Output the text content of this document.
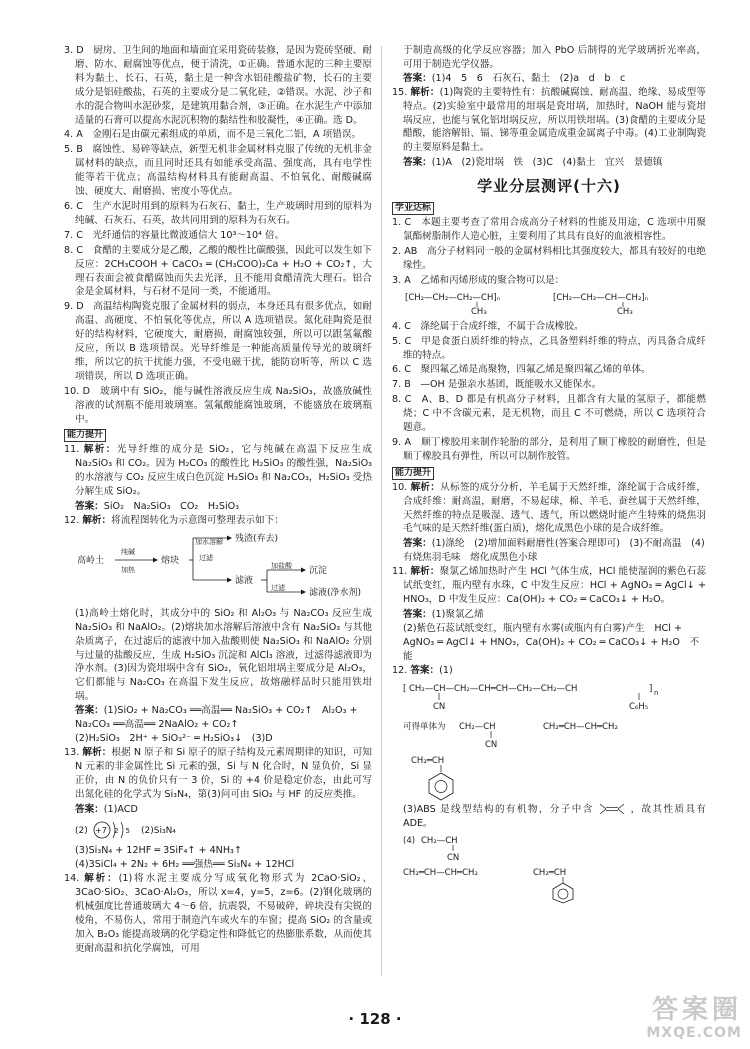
3. D　厨房、卫生间的地面和墙面宜采用瓷砖装修，是因为瓷砖坚硬、耐磨、防水、耐腐蚀等优点，便于清洗，①正确。普通水泥的三种主要原料为黏土、长石、石英，黏土是一种含水铝硅酸盐矿物，长石的主要成分是铝硅酸盐，石英的主要成分是二氧化硅，②错误。水泥、沙子和水的混合物叫水泥砂浆，是建筑用黏合剂，③正确。在水泥生产中添加适量的石膏可以提高水泥沉积物的黏结性和胶凝性，④正确。选 D。
4. A　金刚石是由碳元素组成的单质，而不是三氧化二铝，A 项错误。
5. B　腐蚀性、易碎等缺点，新型无机非金属材料克服了传统的无机非金属材料的缺点，而且同时还具有如能承受高温、强度高，具有电学性能等若干优点；高温结构材料具有能耐高温、不怕氧化、耐酸碱腐蚀、硬度大、耐磨损、密度小等优点。
6. C　生产水泥时用到的原料为石灰石、黏土，生产玻璃时用到的原料为纯碱、石灰石、石英，故共同用到的原料为石灰石。
7. C　光纤通信的容量比微波通信大 10³～10⁴ 倍。
8. C　食醋的主要成分是乙酸，乙酸的酸性比碳酸强，因此可以发生如下反应：2CH₃COOH + CaCO₃ ═ (CH₃COO)₂Ca + H₂O + CO₂↑，大理石表面会被食醋腐蚀而失去光泽，且不能用食醋清洗大理石。铝合金是金属材料，与石材不是同一类，不能通用。
9. D　高温结构陶瓷克服了金属材料的弱点，本身还具有很多优点，如耐高温、高硬度、不怕氧化等优点，所以 A 选项错误。氮化硅陶瓷是很好的结构材料，它硬度大，耐磨损，耐腐蚀较强，所以可以跟氢氟酸反应，所以 B 选项错误。光导纤维是一种能高质量传导光的玻璃纤维，所以它的抗干扰能力强，不受电磁干扰，能防窃听等，所以 C 选项错误，所以 D 选项正确。
10. D　玻璃中有 SiO₂，能与碱性溶液反应生成 Na₂SiO₃，故盛放碱性溶液的试剂瓶不能用玻璃塞。氢氟酸能腐蚀玻璃，不能盛放在玻璃瓶中。
能力提升
11. 解析：光导纤维的成分是 SiO₂，它与纯碱在高温下反应生成 Na₂SiO₃ 和 CO₂。因为 H₂CO₃ 的酸性比 H₂SiO₃ 的酸性强，Na₂SiO₃ 的水溶液与 CO₂ 反应生成白色沉淀 H₂SiO₃ 和 Na₂CO₃，H₂SiO₃ 受热分解生成 SiO₂。
答案：SiO₂　Na₂SiO₃　CO₂　H₂SiO₃
12. 解析：将流程图转化为示意图可整理表示如下：
高岭土
纯碱
加热
熔块
加水溶解
过滤
残渣(弃去)
滤液
加盐酸
过滤
沉淀
滤液(净水剂)
(1)高岭土熔化时，其成分中的 SiO₂ 和 Al₂O₃ 与 Na₂CO₃ 反应生成 Na₂SiO₃ 和 NaAlO₂。(2)熔块加水溶解后溶液中含有 Na₂SiO₃ 与其他杂质离子，在过滤后的滤液中加入盐酸则使 Na₂SiO₃ 和 NaAlO₂ 分别与过量的盐酸反应，生成 H₂SiO₃ 沉淀和 AlCl₃ 溶液，过滤得滤液即为净水剂。(3)因为瓷坩埚中含有 SiO₂，氧化铝坩埚主要成分是 Al₂O₃，它们都能与 Na₂CO₃ 在高温下发生反应，故熔融样品时只能用铁坩埚。
答案：(1)SiO₂ + Na₂CO₃ ══高温══ Na₂SiO₃ + CO₂↑　Al₂O₃ + Na₂CO₃ ══高温══ 2NaAlO₂ + CO₂↑
(2)H₂SiO₃　2H⁺ + SiO₃²⁻ ═ H₂SiO₃↓　(3)D
13. 解析：根据 N 原子和 Si 原子的原子结构及元素周期律的知识，可知 N 元素的非金属性比 Si 元素的强，Si 与 N 化合时，N 显负价，Si 显正价，由 N 的负价只有一 3 价，Si 的 +4 价是稳定价态，由此可写出氮化硅的化学式为 Si₃N₄，第(3)问可由 SiO₂ 与 HF 的反应类推。
答案：(1)ACD
(2) +7 2　5 (2)Si₃N₄
(3)Si₃N₄ + 12HF ═ 3SiF₄↑ + 4NH₃↑
(4)3SiCl₄ + 2N₂ + 6H₂ ══强热══ Si₃N₄ + 12HCl
14. 解析：(1)将水泥主要成分写成氧化物形式为 2CaO·SiO₂、3CaO·SiO₂、3CaO·Al₂O₃，所以 x=4，y=5，z=6。(2)钢化玻璃的机械强度比普通玻璃大 4～6 倍，抗震裂，不易破碎，碎块没有尖锐的棱角，不易伤人，常用于制造汽车或火车的车窗；提高 SiO₂ 的含量或加入 B₂O₃ 能提高玻璃的化学稳定性和降低它的热膨胀系数，从而使其更耐高温和抗化学腐蚀，可用
于制造高级的化学反应容器；加入 PbO 后制得的光学玻璃折光率高，可用于制造光学仪器。
答案：(1)4　5　6　石灰石、黏土　(2)a　d　b　c
15. 解析：(1)陶瓷的主要特性有：抗酸碱腐蚀、耐高温、绝缘、易成型等特点。(2)实验室中最常用的坩埚是瓷坩埚，加热时，NaOH 能与瓷坩埚反应，也能与氧化铝坩埚反应，所以用铁坩埚。(3)食醋的主要成分是醋酸，能溶解铅、镉、锑等重金属造成重金属离子中毒。(4)工业制陶瓷的主要原料是黏土。
答案：(1)A　(2)瓷坩埚　铁　(3)C　(4)黏土　宜兴　景德镇
学业分层测评(十六)
学业达标
1. C　本题主要考查了常用合成高分子材料的性能及用途，C 选项中用聚氯酯树脂制作人造心脏，主要利用了其具有良好的血液相容性。
2. AB　高分子材料同一般的金属材料相比其强度较大，都具有较好的电绝缘性。
3. A　乙烯和丙烯形成的聚合物可以是：
[CH₂—CH₂—CH₂—CH]ₙ
CH₃
[CH₂—CH₂—CH—CH₂]ₙ
CH₃
4. C　涤纶属于合成纤维，不属于合成橡胶。
5. C　甲是食蛋白质纤维的特点，乙具备塑料纤维的特点，丙具备合成纤维的特点。
6. C　聚四氟乙烯是高聚物，四氟乙烯是聚四氟乙烯的单体。
7. B　—OH 是强亲水基团，既能吸水又能保水。
8. C　A、B、D 都是有机高分子材料，且都含有大量的氢原子，都能燃烧；C 中不含碳元素，是无机物，而且 C 不可燃烧，所以 C 选项符合题意。
9. A　顺丁橡胶用来制作轮胎的部分，是利用了顺丁橡胶的耐磨性，但是顺丁橡胶具有弹性，所以可以制作胶管。
能力提升
10. 解析：从标签的成分分析，羊毛属于天然纤维，涤纶属于合成纤维，合成纤维：耐高温，耐磨，不易起球，棉、羊毛、蚕丝属于天然纤维，天然纤维的特点是吸湿、透气、透气，所以燃烧时能产生特殊的烧焦羽毛气味的是天然纤维(蛋白质)，熔化成黑色小球的是合成纤维。
答案：(1)涤纶　(2)增加面料耐磨性(答案合理即可)　(3)不耐高温　(4)有烧焦羽毛味　熔化成黑色小球
11. 解析：聚氯乙烯加热时产生 HCl 气体生成，HCl 能使湿润的紫色石蕊试纸变红，瓶内壁有水珠，C 中发生反应：HCl + AgNO₃ ═ AgCl↓ + HNO₃，D 中发生反应：Ca(OH)₂ + CO₂ ═ CaCO₃↓ + H₂O。
答案：(1)聚氯乙烯
(2)紫色石蕊试纸变红，瓶内壁有水雾(或瓶内有白雾)产生　HCl + AgNO₃ ═ AgCl↓ + HNO₃，Ca(OH)₂ + CO₂ ═ CaCO₃↓ + H₂O　不能
12. 答案：(1)
[ CH₂—CH—CH₂—CH═CH—CH₂—CH₂—CH	] n
CN	C₆H₅
可得单体为 CH₂—CH
CN
CH₂═CH—CH═CH₂
CH₂═CH
(3)ABS 是线型结构的有机物，分子中含	，故其性质具有 ADE。
(4) CH₂—CH
CN
CH₂═CH—CH═CH₂	CH₂═CH
· 128 ·	答案圈
MXQE.COM
